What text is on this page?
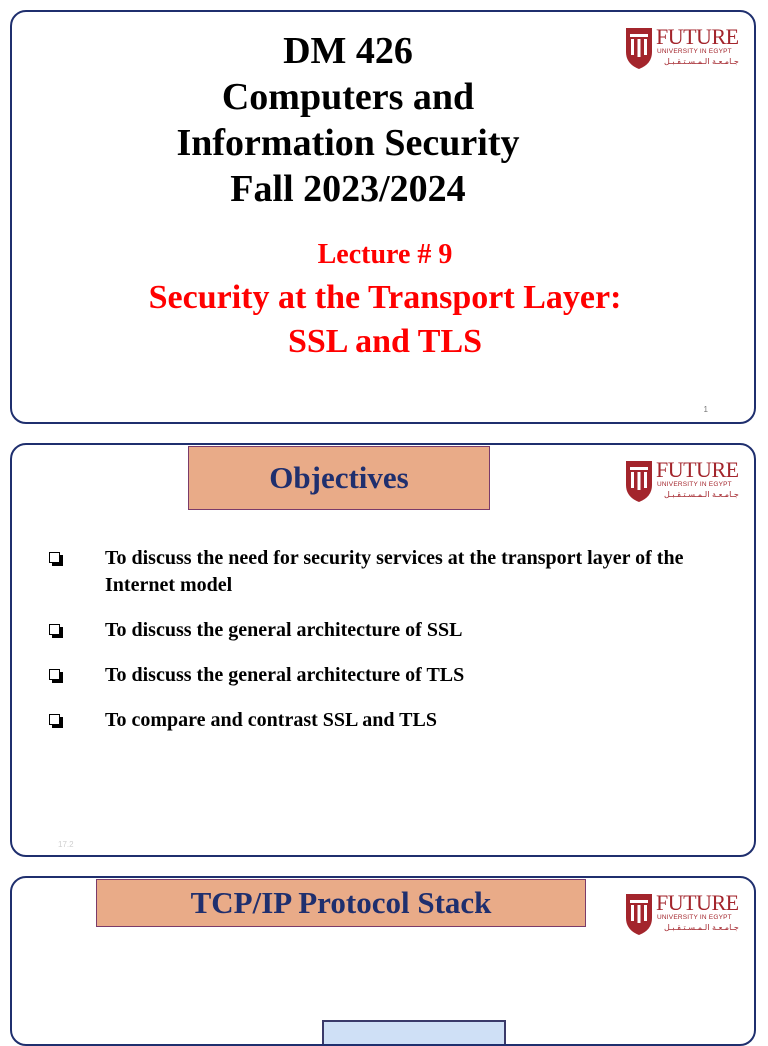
FUTURE
UNIVERSITY IN EGYPT
جـامـعـة الـمـسـتـقـبـل
DM 426
Computers and
Information Security
Fall 2023/2024
Lecture # 9
Security at the Transport Layer:
SSL and TLS
1
Objectives	FUTURE
UNIVERSITY IN EGYPT
جـامـعـة الـمـسـتـقـبـل
To discuss the need for security services at the transport layer of the Internet model
To discuss the general architecture of SSL
To discuss the general architecture of TLS
To compare and contrast SSL and TLS
17.2
TCP/IP Protocol Stack	FUTURE
UNIVERSITY IN EGYPT
جـامـعـة الـمـسـتـقـبـل
